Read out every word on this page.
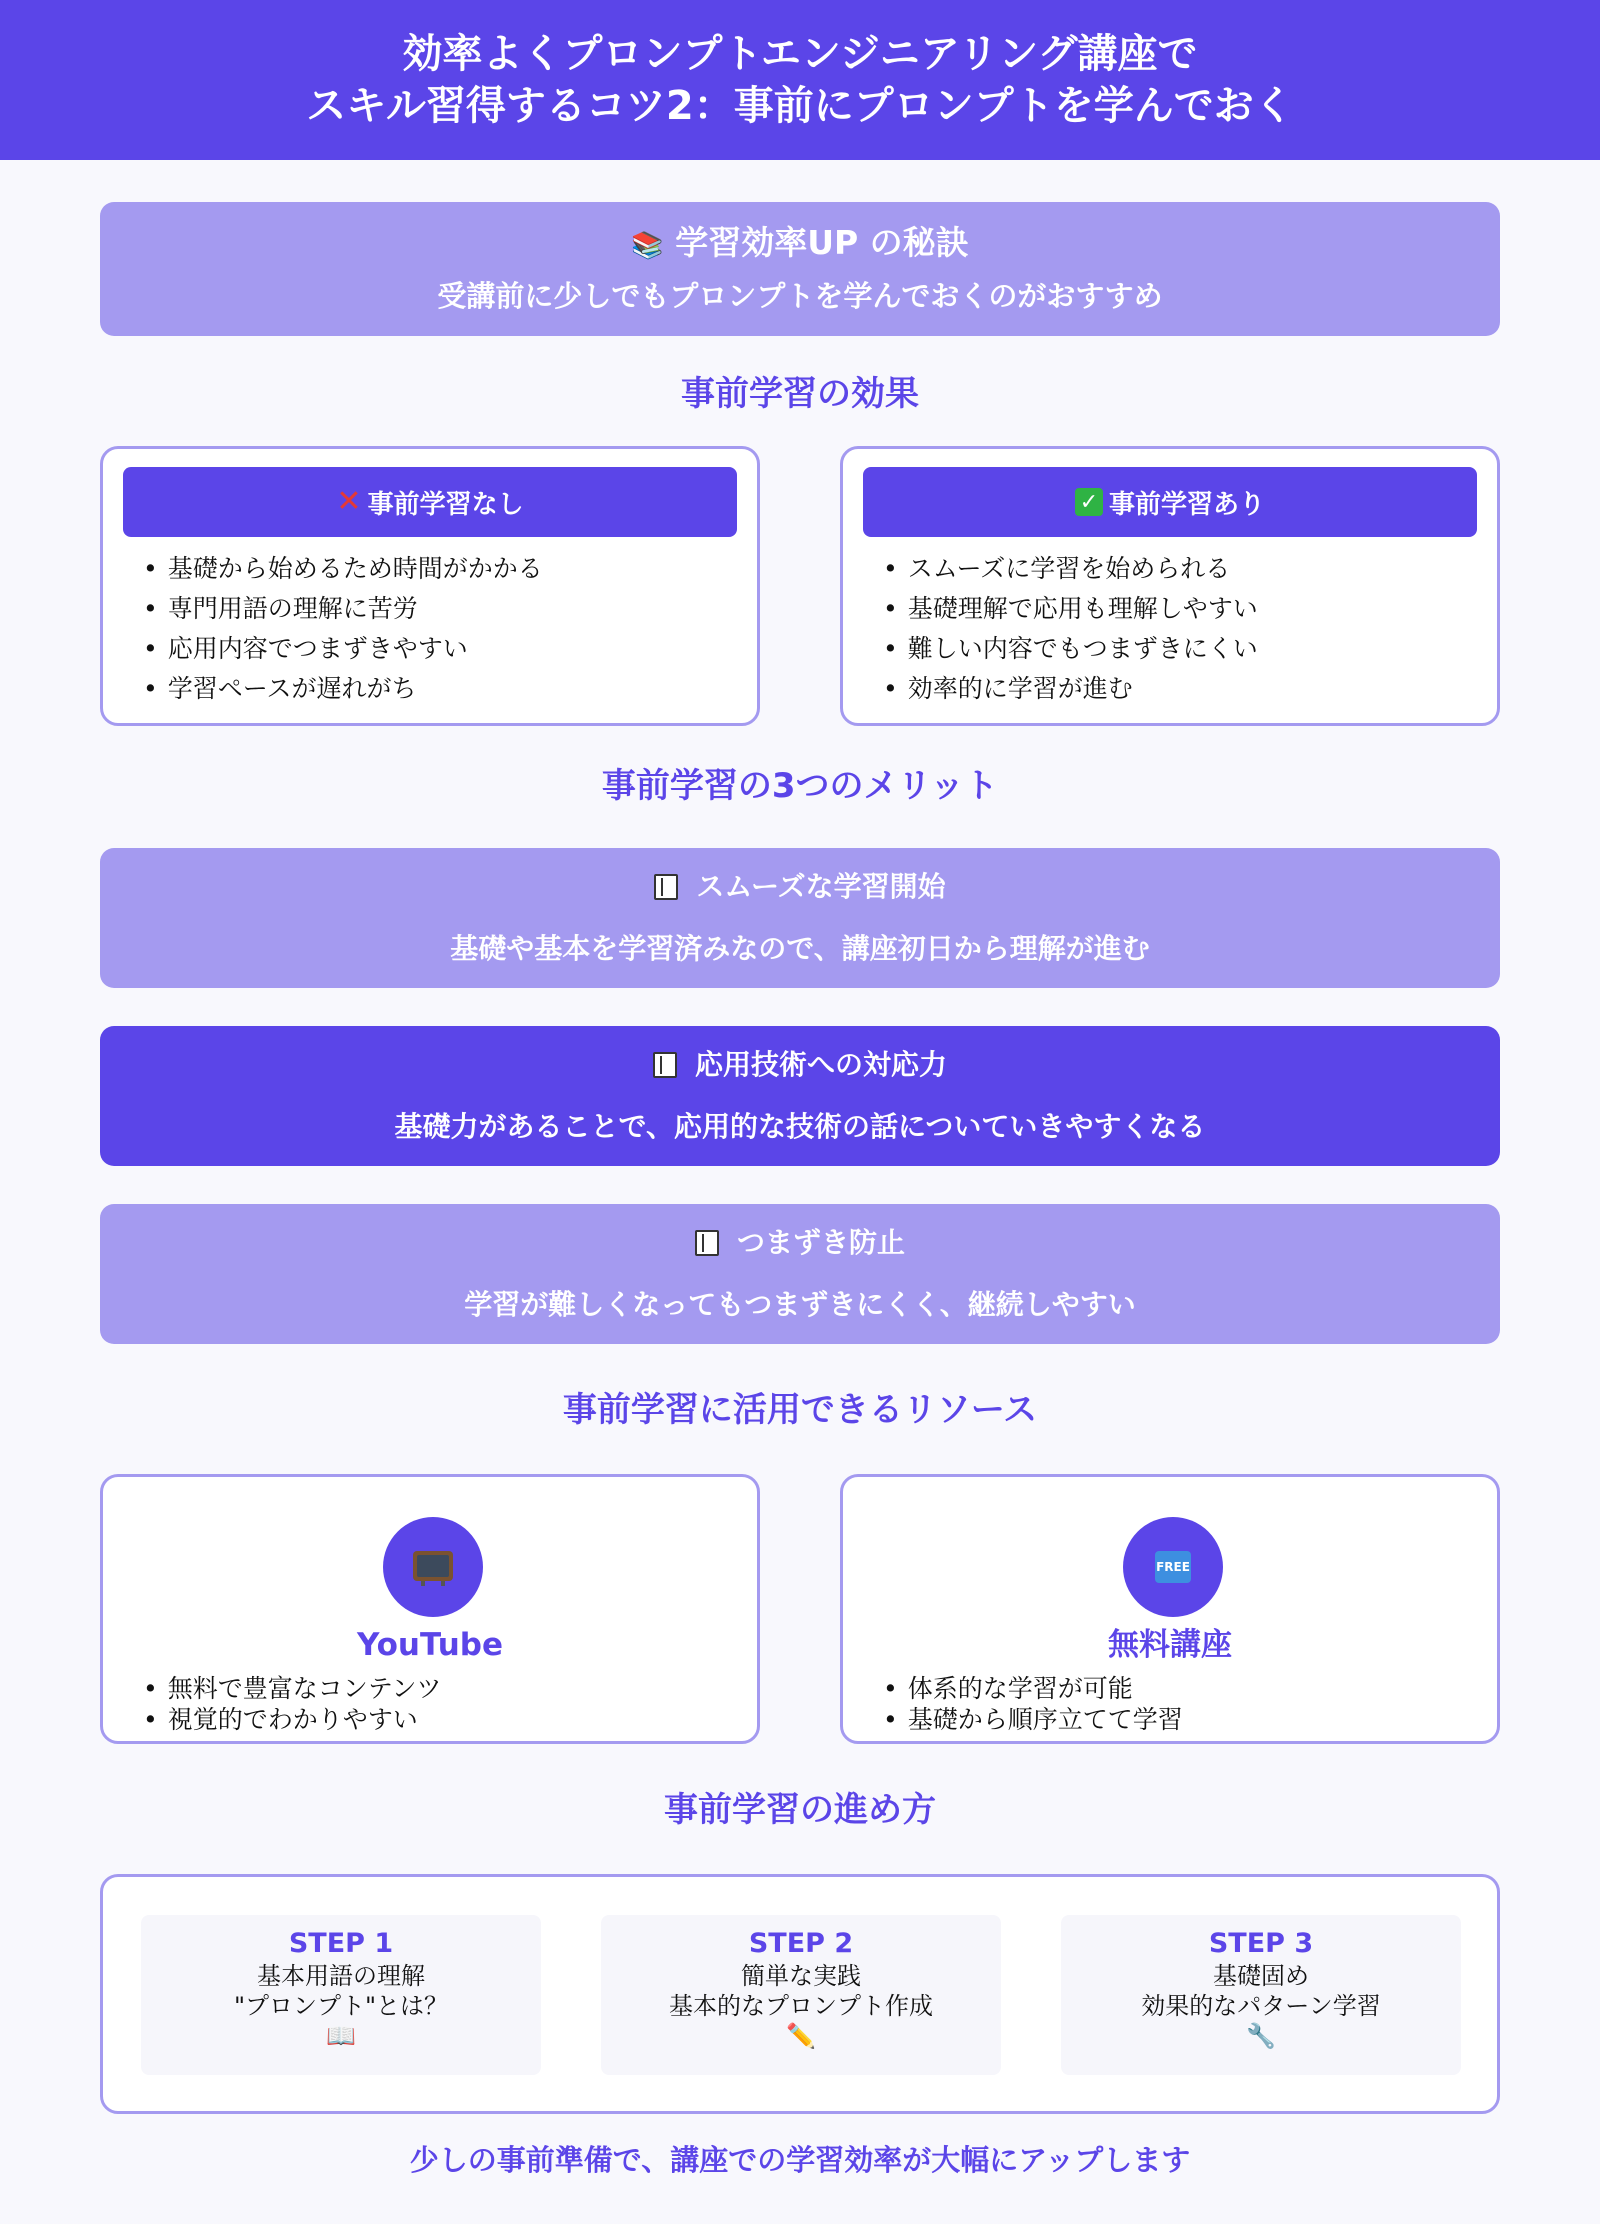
効率よくプロンプトエンジニアリング講座で
スキル習得するコツ2：事前にプロンプトを学んでおく
📚 学習効率UP の秘訣
受講前に少しでもプロンプトを学んでおくのがおすすめ
事前学習の効果
✕ 事前学習なし
• 基礎から始めるため時間がかかる
• 専門用語の理解に苦労
• 応用内容でつまずきやすい
• 学習ペースが遅れがち
✓ 事前学習あり
• スムーズに学習を始められる
• 基礎理解で応用も理解しやすい
• 難しい内容でもつまずきにくい
• 効率的に学習が進む
事前学習の3つのメリット
スムーズな学習開始
基礎や基本を学習済みなので、講座初日から理解が進む
応用技術への対応力
基礎力があることで、応用的な技術の話についていきやすくなる
つまずき防止
学習が難しくなってもつまずきにくく、継続しやすい
事前学習に活用できるリソース
YouTube
• 無料で豊富なコンテンツ
• 視覚的でわかりやすい
FREE
無料講座
• 体系的な学習が可能
• 基礎から順序立てて学習
事前学習の進め方
STEP 1
基本用語の理解
"プロンプト"とは？
📖
STEP 2
簡単な実践
基本的なプロンプト作成
✏️
STEP 3
基礎固め
効果的なパターン学習
🔧
少しの事前準備で、講座での学習効率が大幅にアップします
